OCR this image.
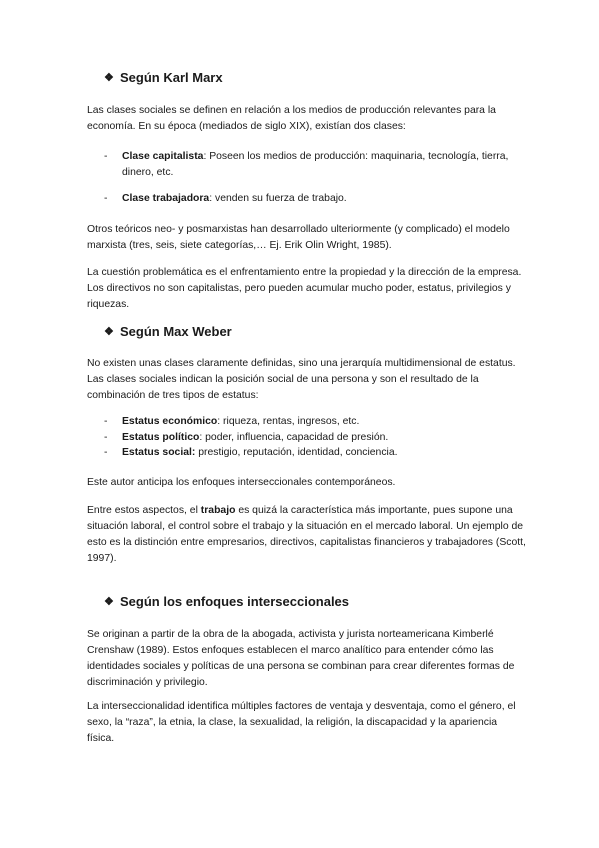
❖ Según Karl Marx

Las clases sociales se definen en relación a los medios de producción relevantes para la economía. En su época (mediados de siglo XIX), existían dos clases:

- Clase capitalista: Poseen los medios de producción: maquinaria, tecnología, tierra, dinero, etc.
- Clase trabajadora: venden su fuerza de trabajo.

Otros teóricos neo- y posmarxistas han desarrollado ulteriormente (y complicado) el modelo marxista (tres, seis, siete categorías,… Ej. Erik Olin Wright, 1985).

La cuestión problemática es el enfrentamiento entre la propiedad y la dirección de la empresa. Los directivos no son capitalistas, pero pueden acumular mucho poder, estatus, privilegios y riquezas.

❖ Según Max Weber

No existen unas clases claramente definidas, sino una jerarquía multidimensional de estatus. Las clases sociales indican la posición social de una persona y son el resultado de la combinación de tres tipos de estatus:

- Estatus económico: riqueza, rentas, ingresos, etc.
- Estatus político: poder, influencia, capacidad de presión.
- Estatus social: prestigio, reputación, identidad, conciencia.

Este autor anticipa los enfoques interseccionales contemporáneos.

Entre estos aspectos, el trabajo es quizá la característica más importante, pues supone una situación laboral, el control sobre el trabajo y la situación en el mercado laboral. Un ejemplo de esto es la distinción entre empresarios, directivos, capitalistas financieros y trabajadores (Scott, 1997).

❖ Según los enfoques interseccionales

Se originan a partir de la obra de la abogada, activista y jurista norteamericana Kimberlé Crenshaw (1989). Estos enfoques establecen el marco analítico para entender cómo las identidades sociales y políticas de una persona se combinan para crear diferentes formas de discriminación y privilegio.

La interseccionalidad identifica múltiples factores de ventaja y desventaja, como el género, el sexo, la “raza”, la etnia, la clase, la sexualidad, la religión, la discapacidad y la apariencia física.
